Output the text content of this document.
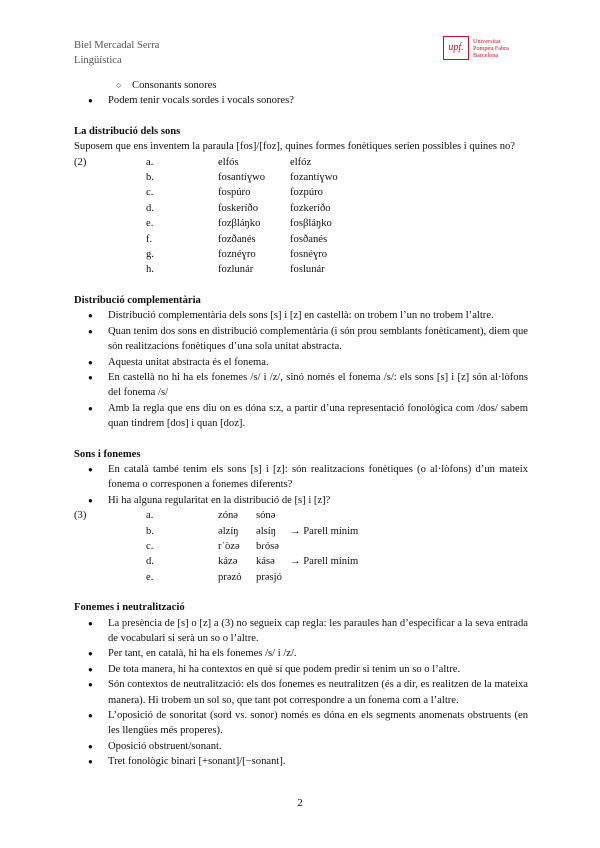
Biel Mercadal Serra
Lingüística
upf.
Universitat
Pompeu Fabra
Barcelona
○ Consonants sonores
● Podem tenir vocals sordes i vocals sonores?
La distribució dels sons
Suposem que ens inventem la paraula [fos]/[foz], quines formes fonètiques serien possibles i quines no?
(2)	a.	elfós	elfóz
	b.	fosantíɣwo	fozantíɣwo
	c.	fospúro	fozpúro
	d.	foskeríðo	fozkeríðo
	e.	fozβláŋko	fosβláŋko
	f.	fozðanés	fosðanés
	g.	foznéɣro	fosnéɣro
	h.	fozlunár	foslunár
Distribució complementària
● Distribució complementària dels sons [s] i [z] en castellà: on trobem l’un no trobem l’altre.
● Quan tenim dos sons en distribució complementària (i són prou semblants fonèticament), diem que són realitzacions fonètiques d’una sola unitat abstracta.
● Aquesta unitat abstracta és el fonema.
● En castellà no hi ha els fonemes /s/ i /z/, sinó només el fonema /s/: els sons [s] i [z] són al·lòfons del fonema /s/
● Amb la regla que ens diu on es dóna s:z, a partir d’una representació fonològica com /dos/ sabem quan tindrem [dos] i quan [doz].
Sons i fonemes
● En català també tenim els sons [s] i [z]: són realitzacions fonètiques (o al·lòfons) d’un mateix fonema o corresponen a fonemes diferents?
● Hi ha alguna regularitat en la distribució de [s] i [z]?
(3)	a.	zónə	sónə	
	b.	əlzíŋ	əlsíŋ	→ Parell mínim
	c.	rˈòzə	bɾósə	
	d.	kázə	kásə	→ Parell mínim
	e.	prəzó	prəsjó	
Fonemes i neutralització
● La presència de [s] o [z] a (3) no segueix cap regla: les paraules han d’especificar a la seva entrada de vocabulari si serà un so o l’altre.
● Per tant, en català, hi ha els fonemes /s/ i /z/.
● De tota manera, hi ha contextos en què sí que podem predir si tenim un so o l’altre.
● Són contextos de neutralització: els dos fonemes es neutralitzen (és a dir, es realitzen de la mateixa manera). Hi trobem un sol so, que tant pot correspondre a un fonema com a l’altre.
● L’oposició de sonoritat (sord vs. sonor) només es dóna en els segments anomenats obstruents (en les llengües més properes).
● Oposició obstruent/sonant.
● Tret fonològic binari [+sonant]/[−sonant].
2
